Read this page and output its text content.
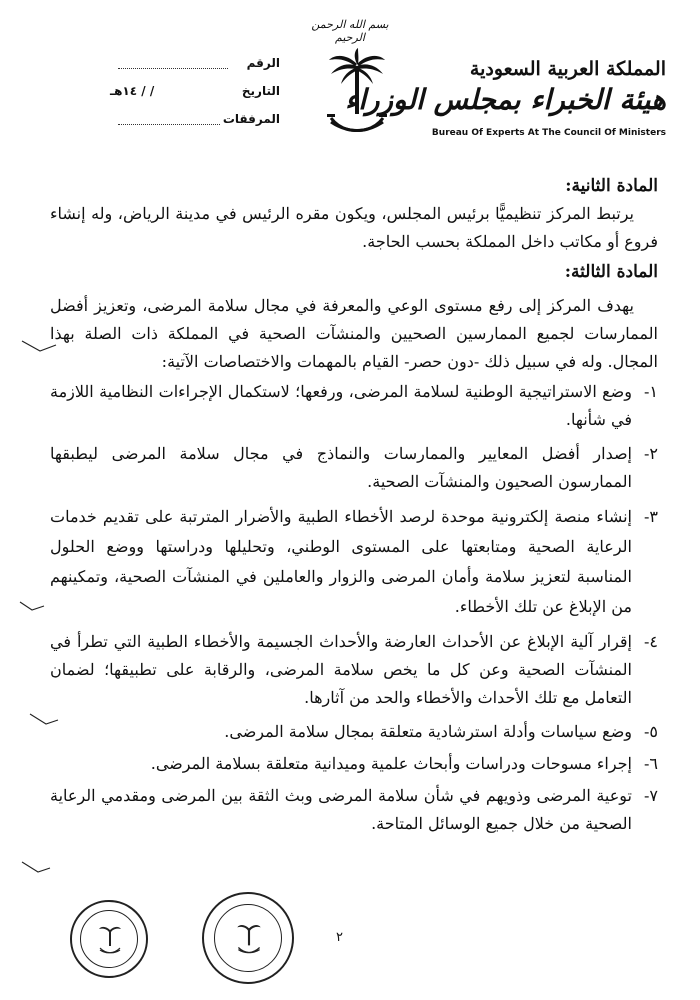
بسم الله الرحمن الرحيم
الرقم
التاريخ
/ / ١٤هـ
المرفقات
المملكة العربية السعودية
هيئة الخبراء بمجلس الوزراء
Bureau Of Experts At The Council Of Ministers

المادة الثانية:

يرتبط المركز تنظيميًّا برئيس المجلس، ويكون مقره الرئيس في مدينة الرياض، وله إنشاء فروع أو مكاتب داخل المملكة بحسب الحاجة.

المادة الثالثة:

يهدف المركز إلى رفع مستوى الوعي والمعرفة في مجال سلامة المرضى، وتعزيز أفضل الممارسات لجميع الممارسين الصحيين والمنشآت الصحية في المملكة ذات الصلة بهذا المجال. وله في سبيل ذلك -دون حصر- القيام بالمهمات والاختصاصات الآتية:

١-
وضع الاستراتيجية الوطنية لسلامة المرضى، ورفعها؛ لاستكمال الإجراءات النظامية اللازمة في شأنها.
٢-
إصدار أفضل المعايير والممارسات والنماذج في مجال سلامة المرضى ليطبقها الممارسون الصحيون والمنشآت الصحية.
٣-
إنشاء منصة إلكترونية موحدة لرصد الأخطاء الطبية والأضرار المترتبة على تقديم خدمات الرعاية الصحية ومتابعتها على المستوى الوطني، وتحليلها ودراستها ووضع الحلول المناسبة لتعزيز سلامة وأمان المرضى والزوار والعاملين في المنشآت الصحية، وتمكينهم من الإبلاغ عن تلك الأخطاء.
٤-
إقرار آلية الإبلاغ عن الأحداث العارضة والأحداث الجسيمة والأخطاء الطبية التي تطرأ في المنشآت الصحية وعن كل ما يخص سلامة المرضى، والرقابة على تطبيقها؛ لضمان التعامل مع تلك الأحداث والأخطاء والحد من آثارها.
٥-
وضع سياسات وأدلة استرشادية متعلقة بمجال سلامة المرضى.
٦-
إجراء مسوحات ودراسات وأبحاث علمية وميدانية متعلقة بسلامة المرضى.
٧-
توعية المرضى وذويهم في شأن سلامة المرضى وبث الثقة بين المرضى ومقدمي الرعاية الصحية من خلال جميع الوسائل المتاحة.
٢
